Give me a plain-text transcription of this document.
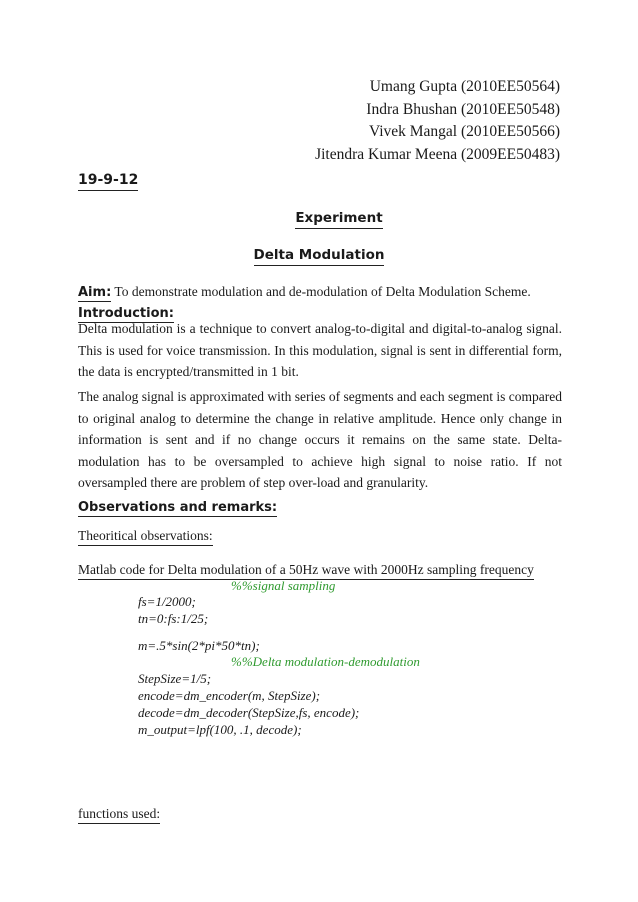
Umang Gupta (2010EE50564)
Indra Bhushan (2010EE50548)
Vivek Mangal (2010EE50566)
Jitendra Kumar Meena (2009EE50483)
19-9-12
Experiment
Delta Modulation
Aim: To demonstrate modulation and de-modulation of Delta Modulation Scheme.
Introduction:
Delta modulation is a technique to convert analog-to-digital and digital-to-analog signal. This is used for voice transmission. In this modulation, signal is sent in differential form, the data is encrypted/transmitted in 1 bit.
The analog signal is approximated with series of segments and each segment is compared to original analog to determine the change in relative amplitude. Hence only change in information is sent and if no change occurs it remains on the same state. Delta-modulation has to be oversampled to achieve high signal to noise ratio. If not oversampled there are problem of step over-load and granularity.
Observations and remarks:
Theoritical observations:
Matlab code for Delta modulation of a 50Hz wave with 2000Hz sampling frequency
%%signal sampling
fs=1/2000;
tn=0:fs:1/25;
m=.5*sin(2*pi*50*tn);
%%Delta modulation-demodulation
StepSize=1/5;
encode=dm_encoder(m, StepSize);
decode=dm_decoder(StepSize,fs, encode);
m_output=lpf(100, .1, decode);
functions used:
